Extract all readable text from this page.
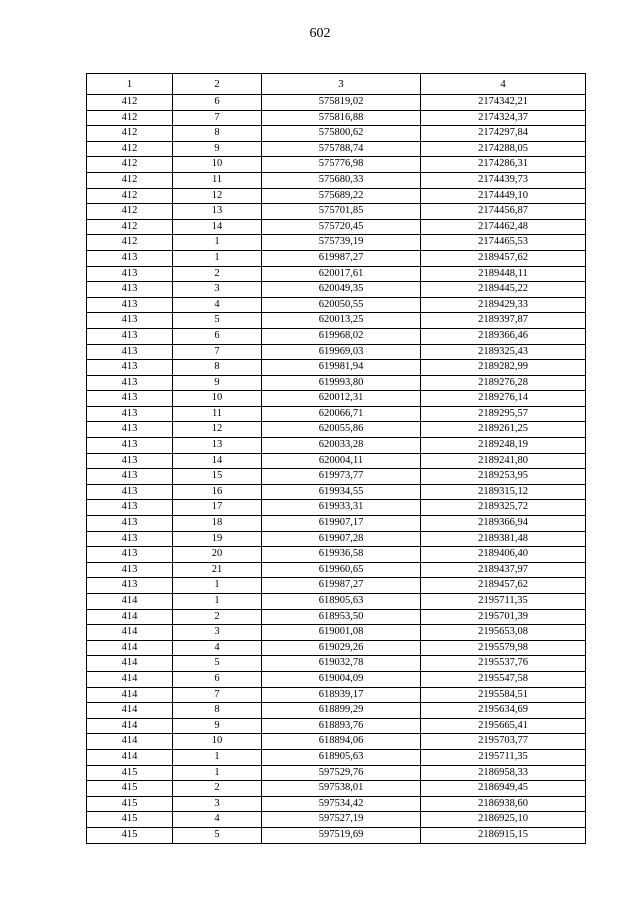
602
1	2	3	4
412	6	575819,02	2174342,21
412	7	575816,88	2174324,37
412	8	575800,62	2174297,84
412	9	575788,74	2174288,05
412	10	575776,98	2174286,31
412	11	575680,33	2174439,73
412	12	575689,22	2174449,10
412	13	575701,85	2174456,87
412	14	575720,45	2174462,48
412	1	575739,19	2174465,53
413	1	619987,27	2189457,62
413	2	620017,61	2189448,11
413	3	620049,35	2189445,22
413	4	620050,55	2189429,33
413	5	620013,25	2189397,87
413	6	619968,02	2189366,46
413	7	619969,03	2189325,43
413	8	619981,94	2189282,99
413	9	619993,80	2189276,28
413	10	620012,31	2189276,14
413	11	620066,71	2189295,57
413	12	620055,86	2189261,25
413	13	620033,28	2189248,19
413	14	620004,11	2189241,80
413	15	619973,77	2189253,95
413	16	619934,55	2189315,12
413	17	619933,31	2189325,72
413	18	619907,17	2189366,94
413	19	619907,28	2189381,48
413	20	619936,58	2189406,40
413	21	619960,65	2189437,97
413	1	619987,27	2189457,62
414	1	618905,63	2195711,35
414	2	618953,50	2195701,39
414	3	619001,08	2195653,08
414	4	619029,26	2195579,98
414	5	619032,78	2195537,76
414	6	619004,09	2195547,58
414	7	618939,17	2195584,51
414	8	618899,29	2195634,69
414	9	618893,76	2195665,41
414	10	618894,06	2195703,77
414	1	618905,63	2195711,35
415	1	597529,76	2186958,33
415	2	597538,01	2186949,45
415	3	597534,42	2186938,60
415	4	597527,19	2186925,10
415	5	597519,69	2186915,15
